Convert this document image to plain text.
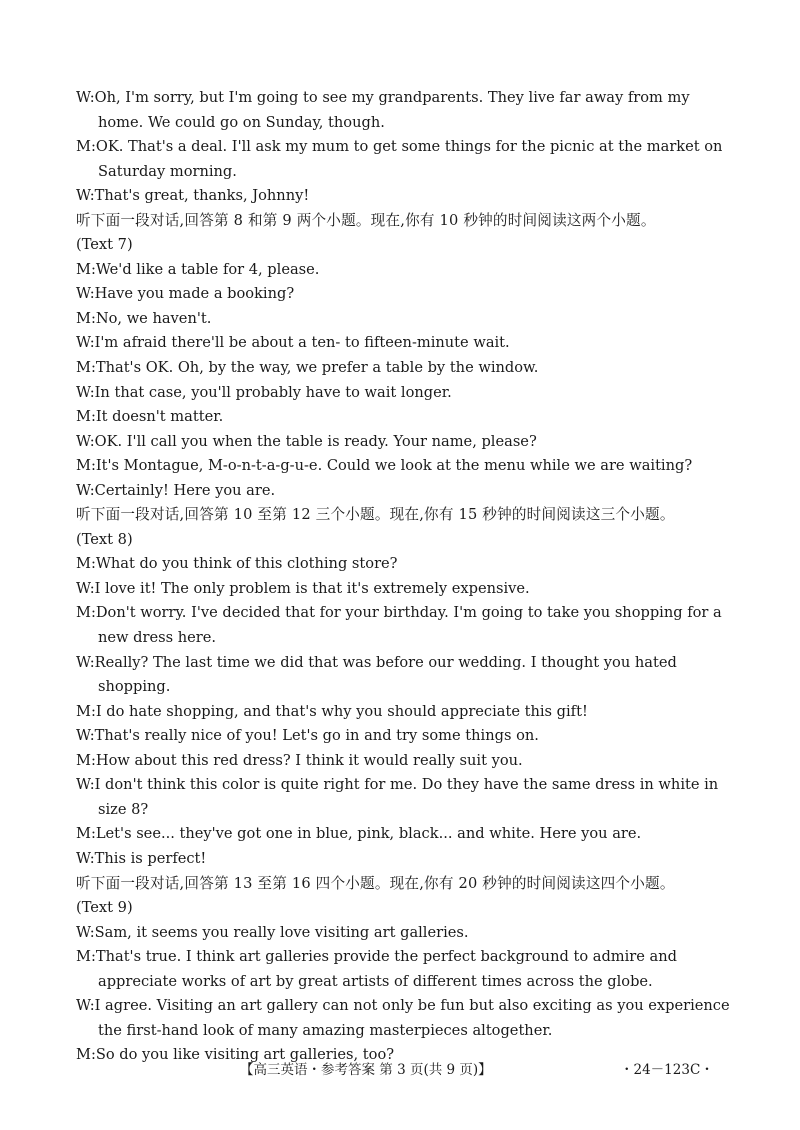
W:Oh, I'm sorry, but I'm going to see my grandparents. They live far away from my home. We could go on Sunday, though.
M:OK. That's a deal. I'll ask my mum to get some things for the picnic at the market on Saturday morning.
W:That's great, thanks, Johnny!
听下面一段对话,回答第 8 和第 9 两个小题。现在,你有 10 秒钟的时间阅读这两个小题。
(Text 7)
M:We'd like a table for 4, please.
W:Have you made a booking?
M:No, we haven't.
W:I'm afraid there'll be about a ten- to fifteen-minute wait.
M:That's OK. Oh, by the way, we prefer a table by the window.
W:In that case, you'll probably have to wait longer.
M:It doesn't matter.
W:OK. I'll call you when the table is ready. Your name, please?
M:It's Montague, M-o-n-t-a-g-u-e. Could we look at the menu while we are waiting?
W:Certainly! Here you are.
听下面一段对话,回答第 10 至第 12 三个小题。现在,你有 15 秒钟的时间阅读这三个小题。
(Text 8)
M:What do you think of this clothing store?
W:I love it! The only problem is that it's extremely expensive.
M:Don't worry. I've decided that for your birthday. I'm going to take you shopping for a new dress here.
W:Really? The last time we did that was before our wedding. I thought you hated shopping.
M:I do hate shopping, and that's why you should appreciate this gift!
W:That's really nice of you! Let's go in and try some things on.
M:How about this red dress? I think it would really suit you.
W:I don't think this color is quite right for me. Do they have the same dress in white in size 8?
M:Let's see... they've got one in blue, pink, black... and white. Here you are.
W:This is perfect!
听下面一段对话,回答第 13 至第 16 四个小题。现在,你有 20 秒钟的时间阅读这四个小题。
(Text 9)
W:Sam, it seems you really love visiting art galleries.
M:That's true. I think art galleries provide the perfect background to admire and appreciate works of art by great artists of different times across the globe.
W:I agree. Visiting an art gallery can not only be fun but also exciting as you experience the first-hand look of many amazing masterpieces altogether.
M:So do you like visiting art galleries, too?
【高三英语・参考答案 第 3 页(共 9 页)】	・24－123C・
